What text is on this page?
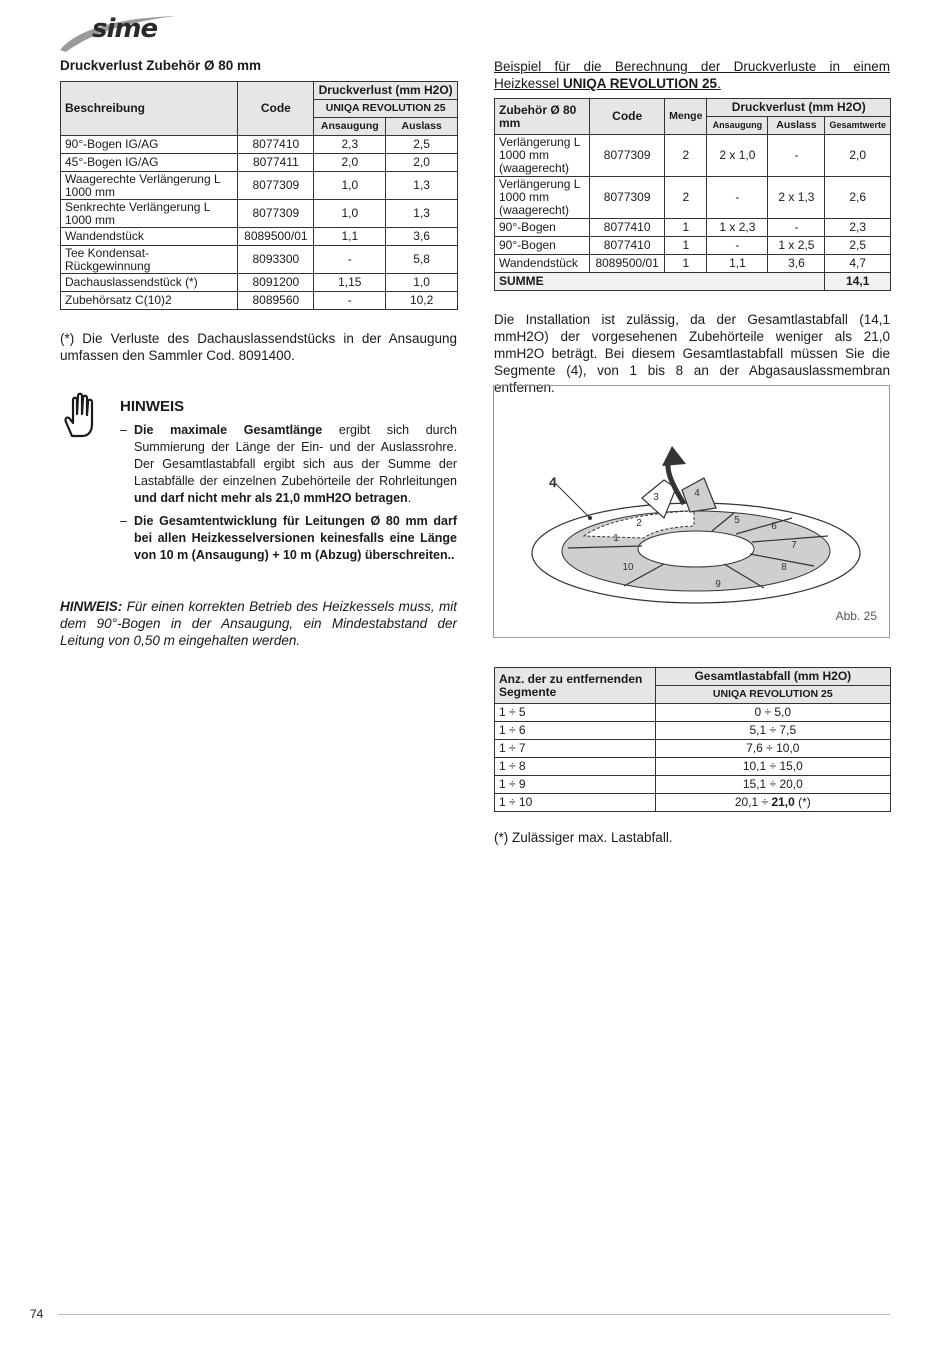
sime
Druckverlust Zubehör Ø 80 mm
Beschreibung	Code	Druckverlust (mm H2O)	
		UNIQA REVOLUTION 25	
		Ansaugung	Auslass
90°-Bogen IG/AG	8077410	2,3	2,5
45°-Bogen IG/AG	8077411	2,0	2,0
Waagerechte Verlängerung L 1000 mm	8077309	1,0	1,3
Senkrechte Verlängerung L 1000 mm	8077309	1,0	1,3
Wandendstück	8089500/01	1,1	3,6
Tee Kondensat-Rückgewinnung	8093300	-	5,8
Dachauslassendstück (*)	8091200	1,15	1,0
Zubehörsatz C(10)2	8089560	-	10,2

(*) Die Verluste des Dachauslassendstücks in der Ansaugung umfassen den Sammler Cod. 8091400.

HINWEIS
– Die maximale Gesamtlänge ergibt sich durch Summierung der Länge der Ein- und der Auslassrohre. Der Gesamtlastabfall ergibt sich aus der Summe der Lastabfälle der einzelnen Zubehörteile der Rohrleitungen und darf nicht mehr als 21,0 mmH2O betragen.
– Die Gesamtentwicklung für Leitungen Ø 80 mm darf bei allen Heizkesselversionen keinesfalls eine Länge von 10 m (Ansaugung) + 10 m (Abzug) überschreiten..

HINWEIS: Für einen korrekten Betrieb des Heizkessels muss, mit dem 90°-Bogen in der Ansaugung, ein Mindestabstand der Leitung von 0,50 m eingehalten werden.

Beispiel für die Berechnung der Druckverluste in einem Heizkessel UNIQA REVOLUTION 25.

Zubehör Ø 80 mm	Code	Menge	Druckverlust (mm H2O)		
			Ansaugung	Auslass	Gesamtwerte
Verlängerung L 1000 mm (waagerecht)	8077309	2	2 x 1,0	-	2,0
Verlängerung L 1000 mm (waagerecht)	8077309	2	-	2 x 1,3	2,6
90°-Bogen	8077410	1	1 x 2,3	-	2,3
90°-Bogen	8077410	1	-	1 x 2,5	2,5
Wandendstück	8089500/01	1	1,1	3,6	4,7
SUMME					14,1

Die Installation ist zulässig, da der Gesamtlastabfall (14,1 mmH2O) der vorgesehenen Zubehörteile weniger als 21,0 mmH2O beträgt. Bei diesem Gesamtlastabfall müssen Sie die Segmente (4), von 1 bis 8 an der Abgasauslassmembran entfernen.

1
2
3	4
5
6
7
8
9
10
4
Abb. 25
Anz. der zu entfernenden Segmente	Gesamtlastabfall (mm H2O)
	UNIQA REVOLUTION 25
1 ÷ 5	0 ÷ 5,0
1 ÷ 6	5,1 ÷ 7,5
1 ÷ 7	7,6 ÷ 10,0
1 ÷ 8	10,1 ÷ 15,0
1 ÷ 9	15,1 ÷ 20,0
1 ÷ 10	20,1 ÷ 21,0 (*)

(*) Zulässiger max. Lastabfall.

74
